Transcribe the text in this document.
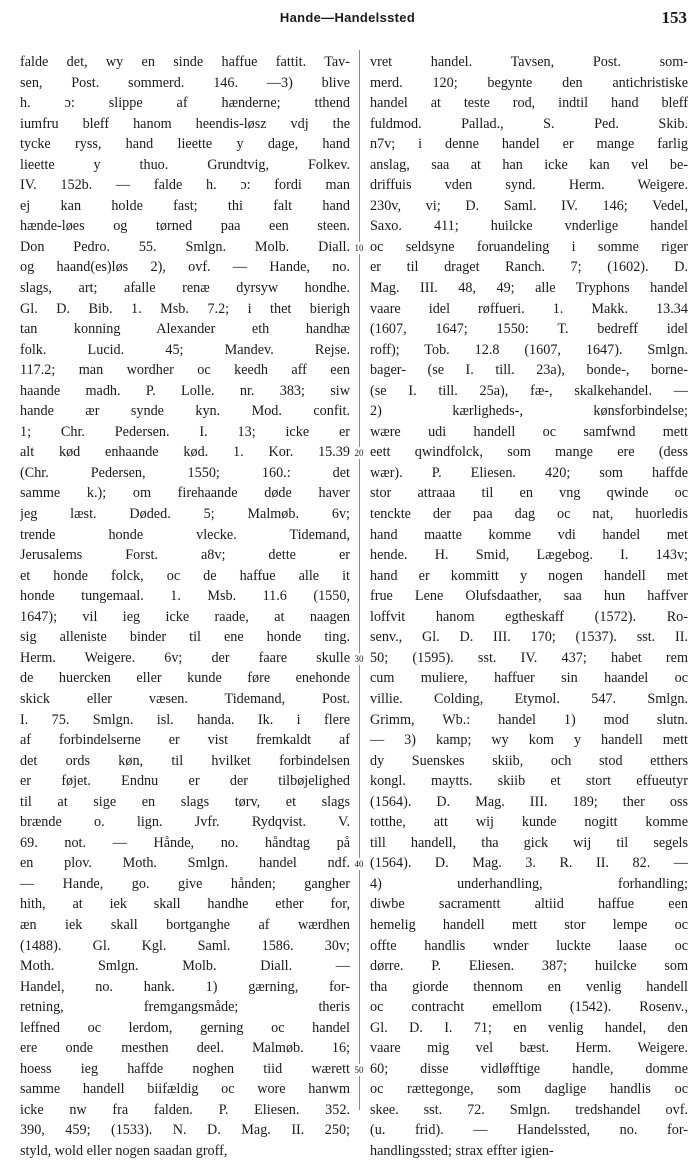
Hande—Handelssted	153
falde det, wy en sinde haffue fattit. Tav-
sen, Post. sommerd. 146. —3) blive
h. ɔ: slippe af hænderne; tthend
iumfru bleff hanom heendis-løsz vdj the
tycke ryss, hand lieette y dage, hand
lieette y thuo. Grundtvig, Folkev.
IV. 152b. — falde h. ɔ: fordi man
ej kan holde fast; thi falt hand
hænde-løes og tørned paa een steen.
Don Pedro. 55. Smlgn. Molb. Diall.
og haand(es)løs 2), ovf. — Hande, no.
slags, art; afalle renæ dyrsyw hondhe.
Gl. D. Bib. 1. Msb. 7.2; i thet bierigh
tan konning Alexander eth handhæ
folk. Lucid. 45; Mandev. Rejse.
117.2; man wordher oc keedh aff een
haande madh. P. Lolle. nr. 383; siw
hande ær synde kyn. Mod. confit.
1; Chr. Pedersen. I. 13; icke er
alt kød enhaande kød. 1. Kor. 15.39
(Chr. Pedersen, 1550; 160.: det
samme k.); om firehaande døde haver
jeg læst. Døded. 5; Malmøb. 6v;
trende honde vlecke. Tidemand,
Jerusalems Forst. a8v; dette er
et honde folck, oc de haffue alle it
honde tungemaal. 1. Msb. 11.6 (1550,
1647); vil ieg icke raade, at naagen
sig alleniste binder til ene honde ting.
Herm. Weigere. 6v; der faare skulle
de huercken eller kunde føre enehonde
skick eller væsen. Tidemand, Post.
I. 75. Smlgn. isl. handa. Ik. i flere
af forbindelserne er vist fremkaldt af
det ords køn, til hvilket forbindelsen
er føjet. Endnu er der tilbøjelighed
til at sige en slags tørv, et slags
brænde o. lign. Jvfr. Rydqvist. V.
69. not. — Hånde, no. håndtag på
en plov. Moth. Smlgn. handel ndf.
— Hande, go. give hånden; gangher
hith, at iek skall handhe ether for,
æn iek skall bortganghe af wærdhen
(1488). Gl. Kgl. Saml. 1586. 30v;
Moth. Smlgn. Molb. Diall. —
Handel, no. hank. 1) gærning, for-
retning, fremgangsmåde; theris
leffned oc lerdom, gerning oc handel
ere onde mesthen deel. Malmøb. 16;
hoess ieg haffde noghen tiid wærett
samme handell biifældig oc wore hanwm
icke nw fra falden. P. Eliesen. 352.
390, 459; (1533). N. D. Mag. II. 250;
styld, wold eller nogen saadan groff,
10
20
30
40
50
vret handel. Tavsen, Post. som-
merd. 120; begynte den antichristiske
handel at teste rod, indtil hand bleff
fuldmod. Pallad., S. Ped. Skib.
n7v; i denne handel er mange farlig
anslag, saa at han icke kan vel be-
driffuis vden synd. Herm. Weigere.
230v, vi; D. Saml. IV. 146; Vedel,
Saxo. 411; huilcke vnderlige handel
oc seldsyne foruandeling i somme riger
er til draget Ranch. 7; (1602). D.
Mag. III. 48, 49; alle Tryphons handel
vaare idel røffueri. 1. Makk. 13.34
(1607, 1647; 1550: T. bedreff idel
roff); Tob. 12.8 (1607, 1647). Smlgn.
bager- (se I. till. 23a), bonde-, borne-
(se I. till. 25a), fæ-, skalkehandel. —
2) kærligheds-, kønsforbindelse;
wære udi handell oc samfwnd mett
eett qwindfolck, som mange ere (dess
wær). P. Eliesen. 420; som haffde
stor attraaa til en vng qwinde oc
tenckte der paa dag oc nat, huorledis
hand maatte komme vdi handel met
hende. H. Smid, Lægebog. I. 143v;
hand er kommitt y nogen handell met
frue Lene Olufsdaather, saa hun haffver
loffvit hanom egtheskaff (1572). Ro-
senv., Gl. D. III. 170; (1537). sst. II.
50; (1595). sst. IV. 437; habet rem
cum muliere, haffuer sin haandel oc
villie. Colding, Etymol. 547. Smlgn.
Grimm, Wb.: handel 1) mod slutn.
— 3) kamp; wy kom y handell mett
dy Suenskes skiib, och stod etthers
kongl. maytts. skiib et stort effueutyr
(1564). D. Mag. III. 189; ther oss
totthe, att wij kunde nogitt komme
till handell, tha gick wij til segels
(1564). D. Mag. 3. R. II. 82. —
4) underhandling, forhandling;
diwbe sacramentt altiid haffue een
hemelig handell mett stor lempe oc
offte handlis wnder luckte laase oc
dørre. P. Eliesen. 387; huilcke som
tha giorde thennom en venlig handell
oc contracht emellom (1542). Rosenv.,
Gl. D. I. 71; en venlig handel, den
vaare mig vel bæst. Herm. Weigere.
60; disse vidløfftige handle, domme
oc rættegonge, som daglige handlis oc
skee. sst. 72. Smlgn. tredshandel ovf.
(u. frid). — Handelssted, no. for-
handlingssted; strax effter igien-
